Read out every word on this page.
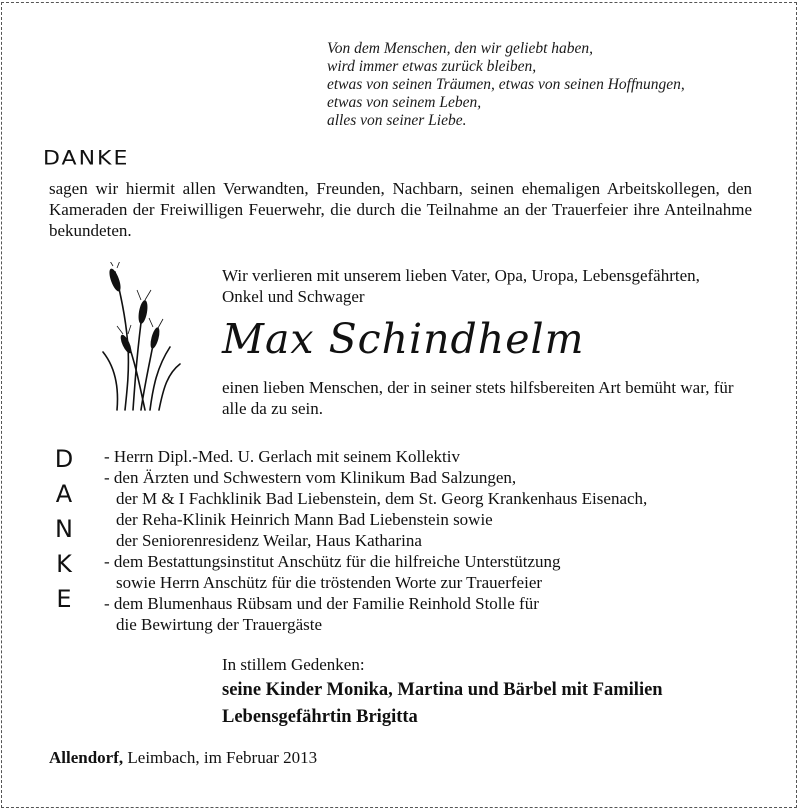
Von dem Menschen, den wir geliebt haben,
wird immer etwas zurück bleiben,
etwas von seinen Träumen, etwas von seinen Hoffnungen,
etwas von seinem Leben,
alles von seiner Liebe.
DANKE
sagen wir hiermit allen Verwandten, Freunden, Nachbarn, seinen ehemaligen Arbeitskollegen, den Kameraden der Freiwilligen Feuerwehr, die durch die Teilnahme an der Trauerfeier ihre Anteilnahme bekundeten.
Wir verlieren mit unserem lieben Vater, Opa, Uropa, Lebensgefährten,
Onkel und Schwager
Max Schindhelm
einen lieben Menschen, der in seiner stets hilfsbereiten Art bemüht war, für alle da zu sein.
D
A
N
K
E
- Herrn Dipl.-Med. U. Gerlach mit seinem Kollektiv
- den Ärzten und Schwestern vom Klinikum Bad Salzungen,
der M & I Fachklinik Bad Liebenstein, dem St. Georg Krankenhaus Eisenach,
der Reha-Klinik Heinrich Mann Bad Liebenstein sowie
der Seniorenresidenz Weilar, Haus Katharina
- dem Bestattungsinstitut Anschütz für die hilfreiche Unterstützung
sowie Herrn Anschütz für die tröstenden Worte zur Trauerfeier
- dem Blumenhaus Rübsam und der Familie Reinhold Stolle für
die Bewirtung der Trauergäste
In stillem Gedenken:
seine Kinder Monika, Martina und Bärbel mit Familien
Lebensgefährtin Brigitta
Allendorf, Leimbach, im Februar 2013
